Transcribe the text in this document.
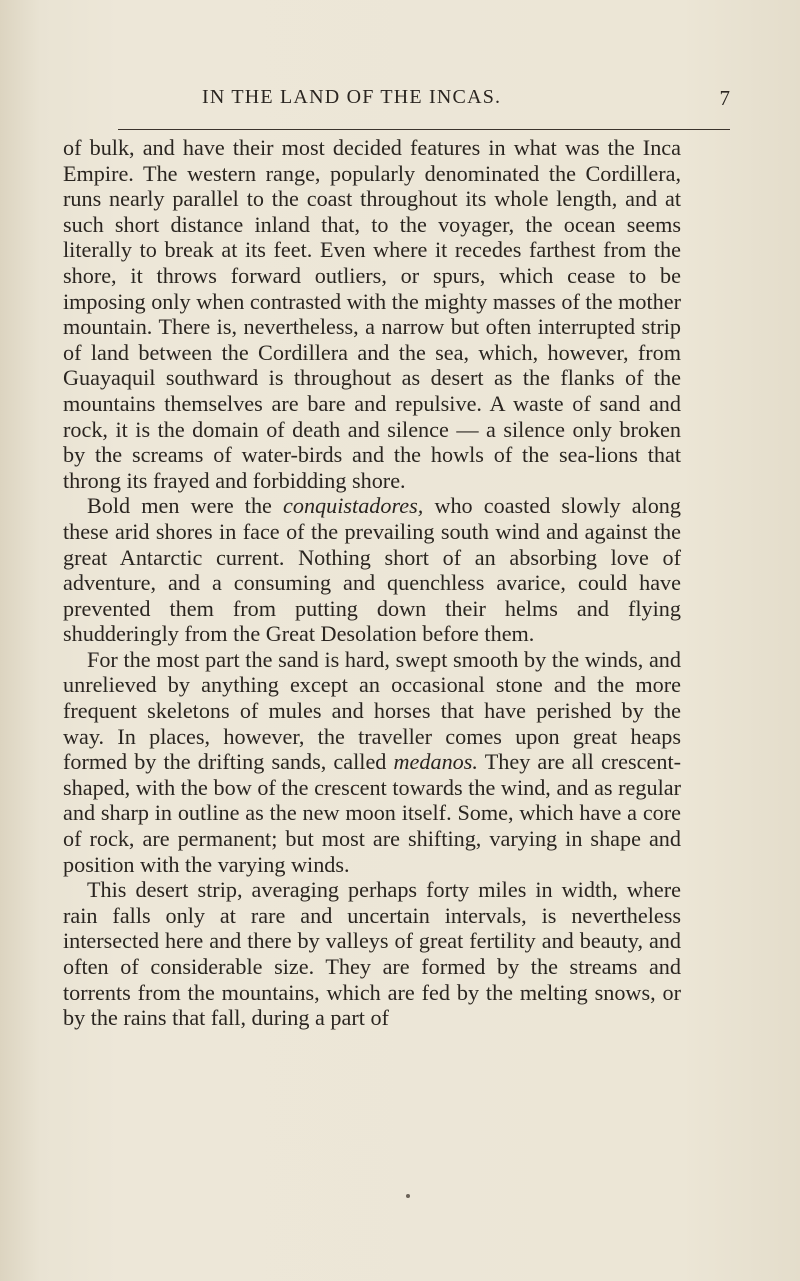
IN THE LAND OF THE INCAS.	7

of bulk, and have their most decided features in what was the Inca Empire. The western range, popularly denominated the Cordillera, runs nearly parallel to the coast throughout its whole length, and at such short distance inland that, to the voyager, the ocean seems literally to break at its feet. Even where it recedes farthest from the shore, it throws forward outliers, or spurs, which cease to be imposing only when contrasted with the mighty masses of the mother mountain. There is, nevertheless, a narrow but often interrupted strip of land between the Cordillera and the sea, which, however, from Guayaquil southward is throughout as desert as the flanks of the mountains themselves are bare and repulsive. A waste of sand and rock, it is the domain of death and silence — a silence only broken by the screams of water-birds and the howls of the sea-lions that throng its frayed and forbidding shore.

Bold men were the conquistadores, who coasted slowly along these arid shores in face of the prevailing south wind and against the great Antarctic current. Nothing short of an absorbing love of adventure, and a consuming and quenchless avarice, could have prevented them from putting down their helms and flying shudderingly from the Great Desolation before them.

For the most part the sand is hard, swept smooth by the winds, and unrelieved by anything except an occasional stone and the more frequent skeletons of mules and horses that have perished by the way. In places, however, the traveller comes upon great heaps formed by the drifting sands, called medanos. They are all crescent-shaped, with the bow of the crescent towards the wind, and as regular and sharp in outline as the new moon itself. Some, which have a core of rock, are permanent; but most are shifting, varying in shape and position with the varying winds.

This desert strip, averaging perhaps forty miles in width, where rain falls only at rare and uncertain intervals, is nevertheless intersected here and there by valleys of great fertility and beauty, and often of considerable size. They are formed by the streams and torrents from the mountains, which are fed by the melting snows, or by the rains that fall, during a part of
